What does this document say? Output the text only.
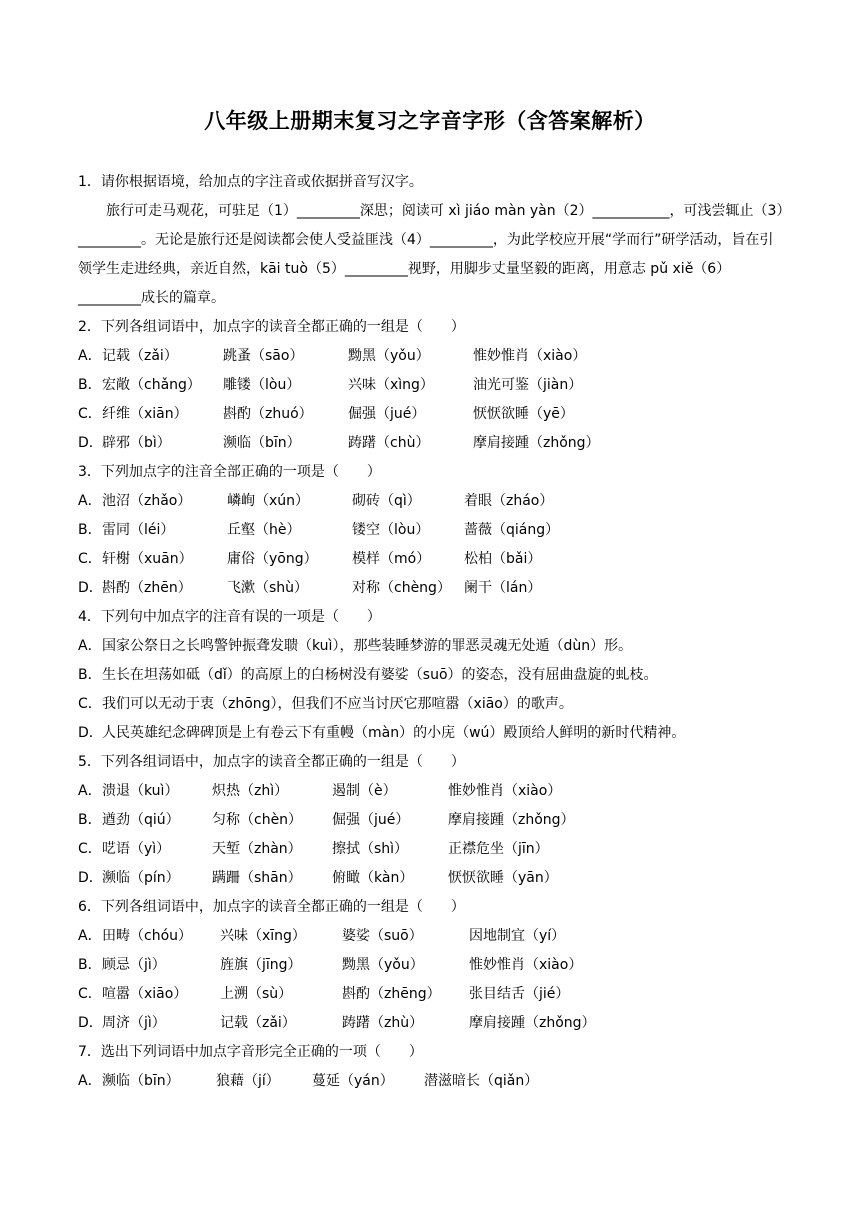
八年级上册期末复习之字音字形（含答案解析）
1．请你根据语境，给加点的字注音或依据拼音写汉字。
旅行可走马观花，可驻足（1）_________深思；阅读可 xì jiáo màn yàn（2）___________，可浅尝辄止（3）_________。无论是旅行还是阅读都会使人受益匪浅（4）_________，为此学校应开展“学而行”研学活动，旨在引领学生走进经典，亲近自然，kāi tuò（5）_________视野，用脚步丈量坚毅的距离，用意志 pǔ xiě（6）_________成长的篇章。
2．下列各组词语中，加点字的读音全都正确的一组是（　　）
A．记载（zǎi）	跳蚤（sāo）	黝黑（yǒu）	惟妙惟肖（xiào）
B．宏敞（chǎng） 雕镂（lòu）	兴味（xìng）	油光可鉴（jiàn）
C．纤维（xiān）	斟酌（zhuó）	倔强（jué）	恹恹欲睡（yē）
D．辟邪（bì）	濒临（bīn）	踌躇（chù）	摩肩接踵（zhǒng）
3．下列加点字的注音全部正确的一项是（　　）
A．池沼（zhǎo）	嶙峋（xún）	砌砖（qì）	着眼（zháo）
B．雷同（léi）	丘壑（hè）	镂空（lòu） 蔷薇（qiáng）
C．轩榭（xuān） 庸俗（yōng） 模样（mó） 松柏（bǎi）
D．斟酌（zhēn）	飞漱（shù）	对称（chèng） 阑干（lán）
4．下列句中加点字的注音有误的一项是（　　）
A．国家公祭日之长鸣警钟振聋发聩（kuì），那些装睡梦游的罪恶灵魂无处遁（dùn）形。
B．生长在坦荡如砥（dǐ）的高原上的白杨树没有婆娑（suō）的姿态，没有屈曲盘旋的虬枝。
C．我们可以无动于衷（zhōng），但我们不应当讨厌它那喧嚣（xiāo）的歌声。
D．人民英雄纪念碑碑顶是上有卷云下有重幔（màn）的小庑（wú）殿顶给人鲜明的新时代精神。
5．下列各组词语中，加点字的读音全都正确的一组是（　　）
A．溃退（kuì） 炽热（zhì）	遏制（è）	惟妙惟肖（xiào）
B．遒劲（qiú） 匀称（chèn） 倔强（jué）	摩肩接踵（zhǒng）
C．呓语（yì）	天堑（zhàn） 擦拭（shì）	正襟危坐（jīn）
D．濒临（pín） 蹒跚（shān） 俯瞰（kàn） 恹恹欲睡（yān）
6．下列各组词语中，加点字的读音全都正确的一组是（　　）
A．田畴（chóu） 兴味（xīng）	婆娑（suō）	因地制宜（yí）
B．顾忌（jì）	旌旗（jīng）	黝黑（yǒu）	惟妙惟肖（xiào）
C．喧嚣（xiāo） 上溯（sù）	斟酌（zhēng） 张目结舌（jié）
D．周济（jì）	记载（zǎi）	踌躇（zhù）	摩肩接踵（zhǒng）
7．选出下列词语中加点字音形完全正确的一项（　　）
A．濒临（bīn）	狼藉（jí） 蔓延（yán） 潜滋暗长（qiǎn）
